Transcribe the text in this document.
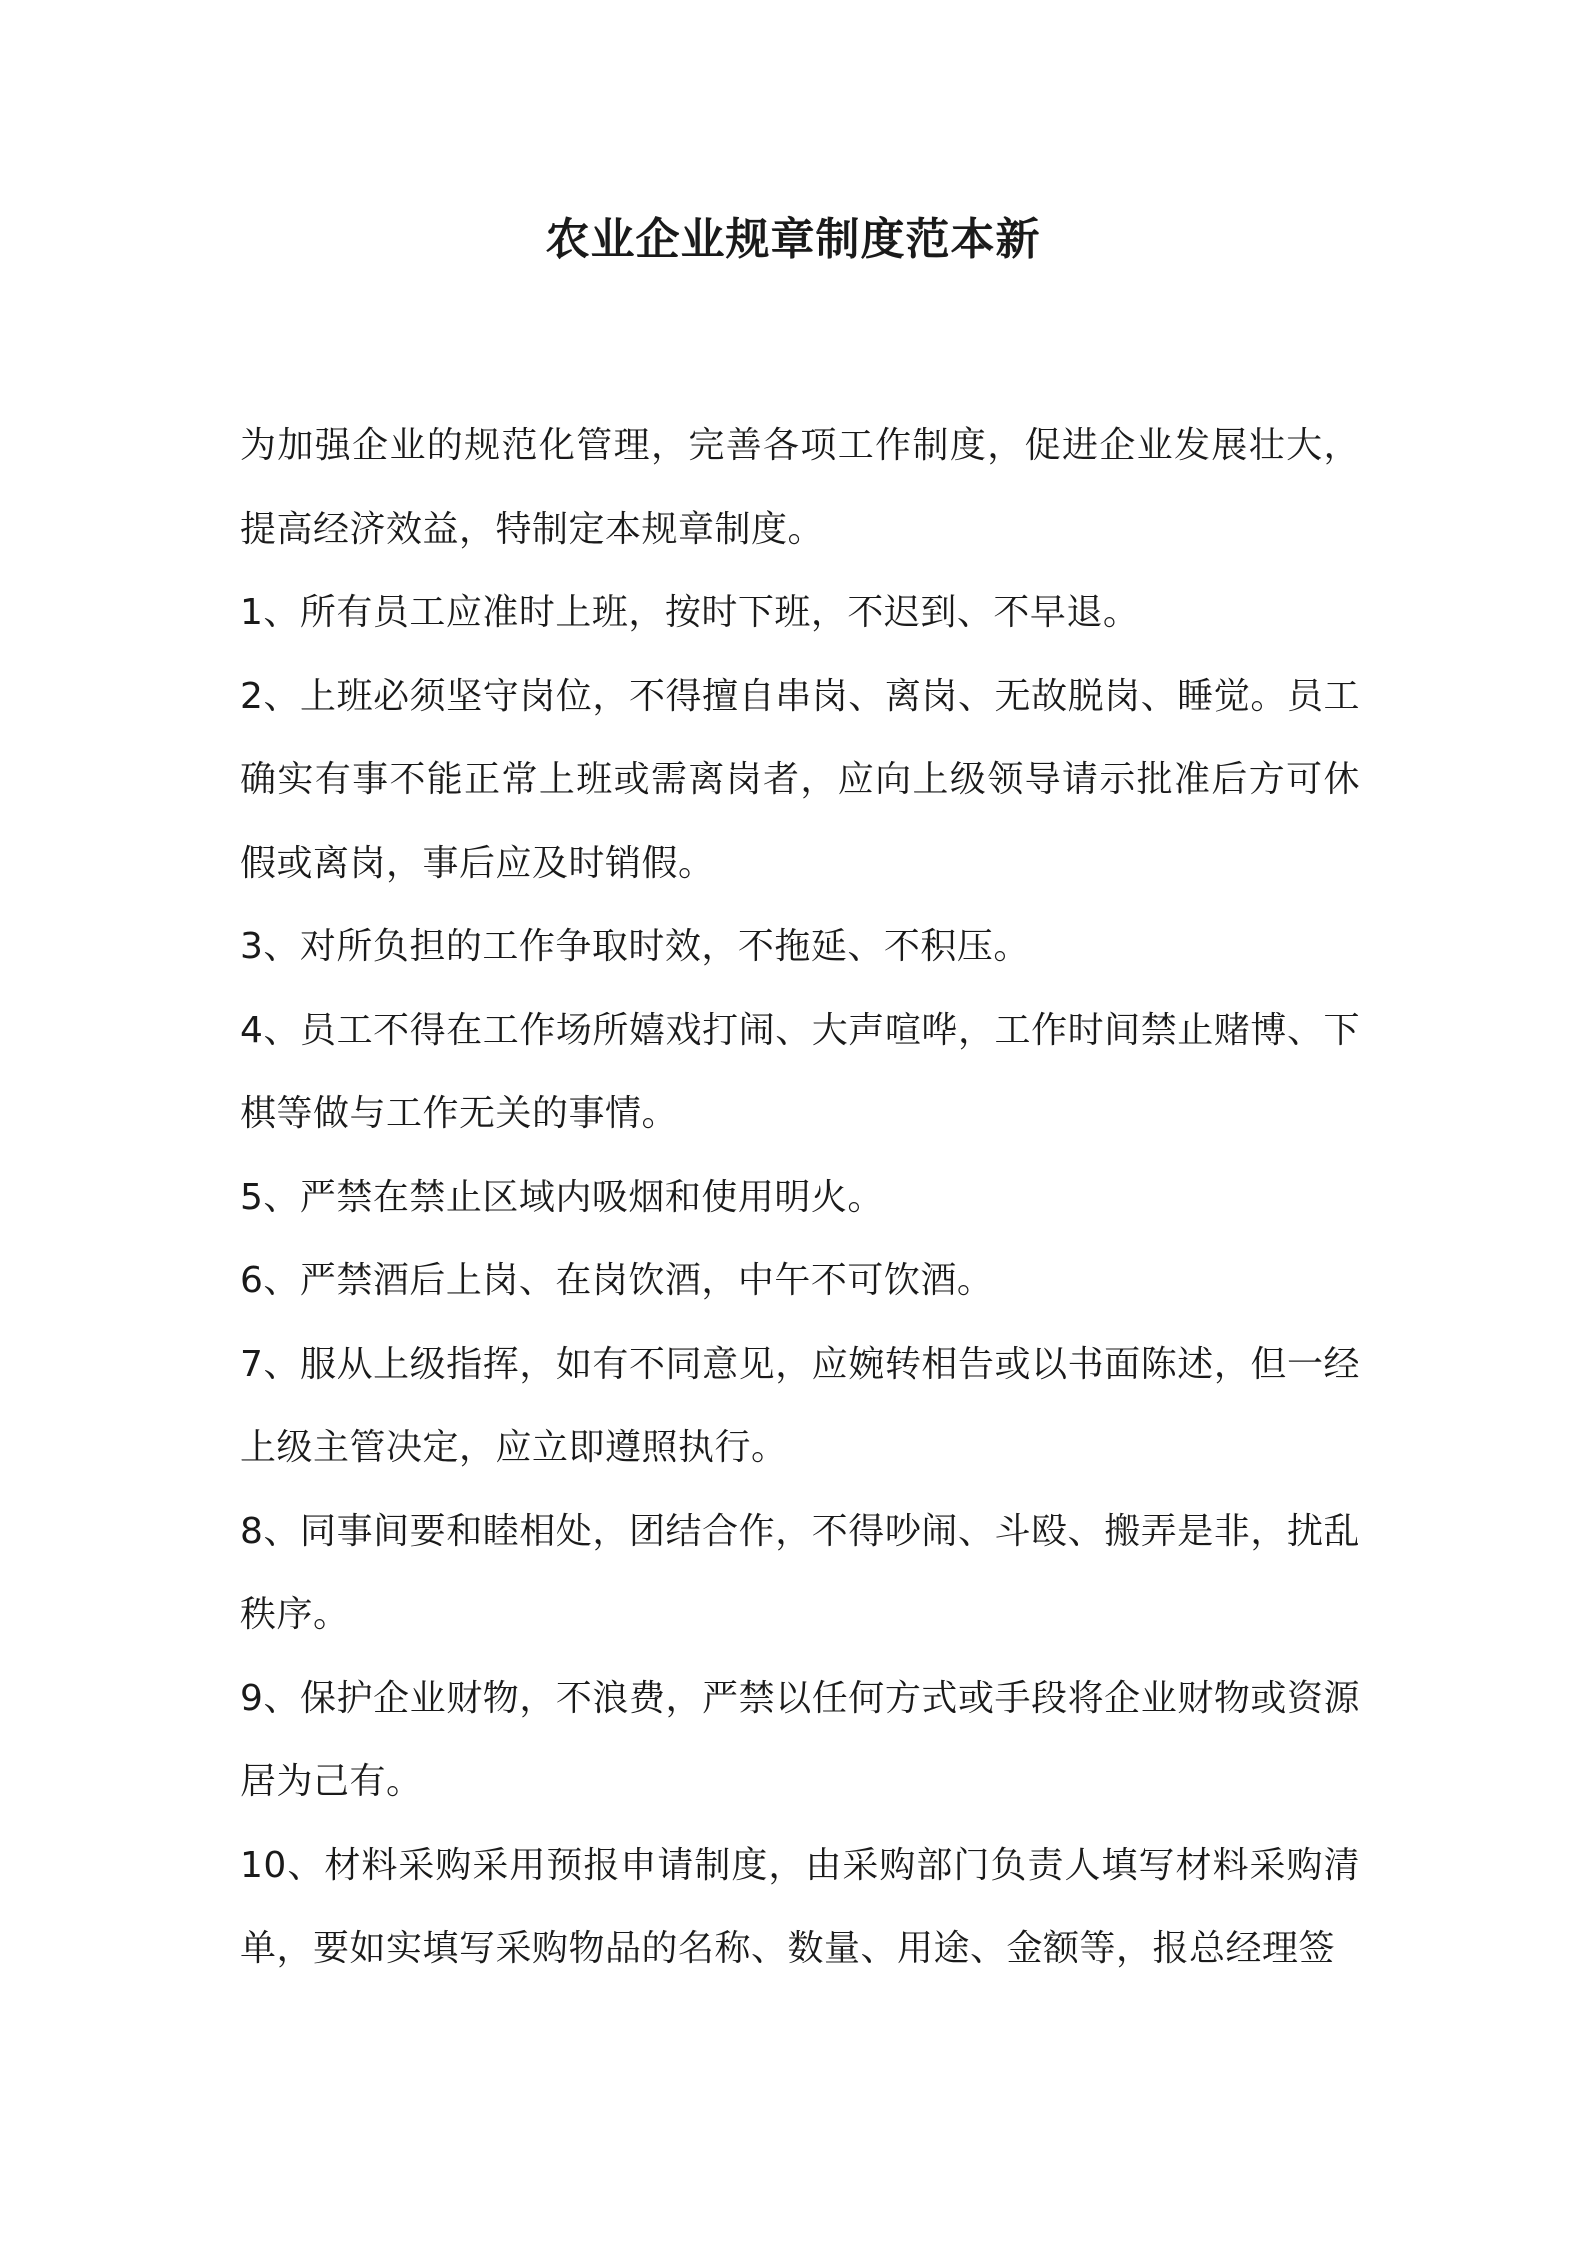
农业企业规章制度范本新

为加强企业的规范化管理，完善各项工作制度，促进企业发展壮大，提高经济效益，特制定本规章制度。

1、所有员工应准时上班，按时下班，不迟到、不早退。

2、上班必须坚守岗位，不得擅自串岗、离岗、无故脱岗、睡觉。员工确实有事不能正常上班或需离岗者，应向上级领导请示批准后方可休假或离岗，事后应及时销假。

3、对所负担的工作争取时效，不拖延、不积压。

4、员工不得在工作场所嬉戏打闹、大声喧哗，工作时间禁止赌博、下棋等做与工作无关的事情。

5、严禁在禁止区域内吸烟和使用明火。

6、严禁酒后上岗、在岗饮酒，中午不可饮酒。

7、服从上级指挥，如有不同意见，应婉转相告或以书面陈述，但一经上级主管决定，应立即遵照执行。

8、同事间要和睦相处，团结合作，不得吵闹、斗殴、搬弄是非，扰乱秩序。

9、保护企业财物，不浪费，严禁以任何方式或手段将企业财物或资源居为己有。

10、材料采购采用预报申请制度，由采购部门负责人填写材料采购清单，要如实填写采购物品的名称、数量、用途、金额等，报总经理签
